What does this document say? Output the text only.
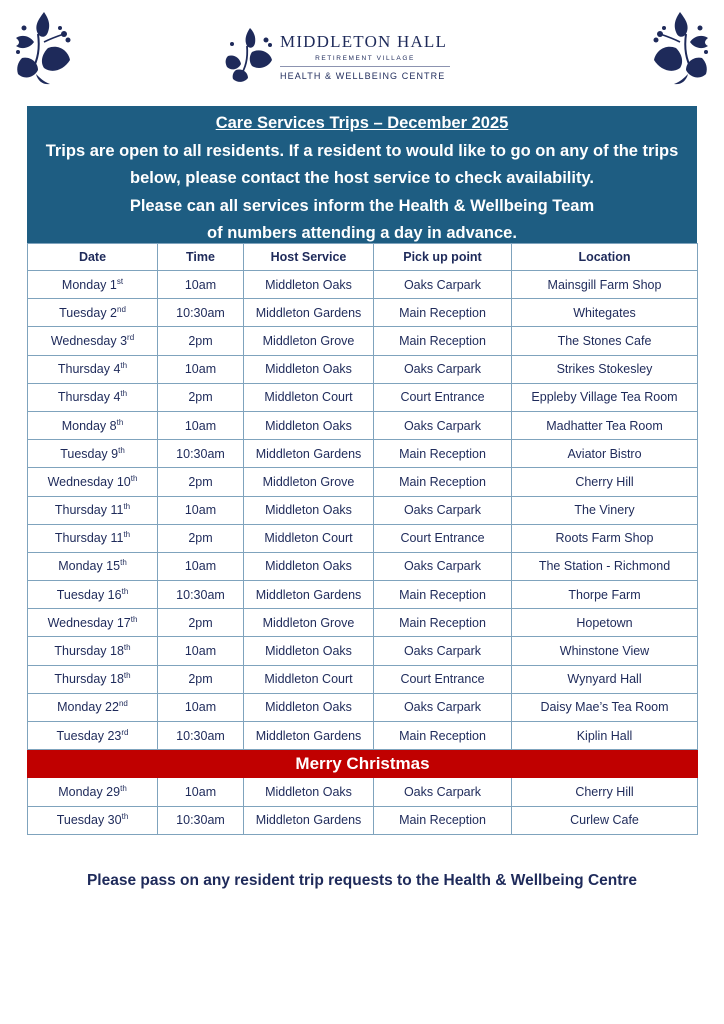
MIDDLETON HALL
RETIREMENT VILLAGE
HEALTH & WELLBEING CENTRE
Care Services Trips – December 2025
Trips are open to all residents. If a resident to would like to go on any of the trips
below, please contact the host service to check availability.
Please can all services inform the Health & Wellbeing Team
of numbers attending a day in advance.
Date	Time	Host Service	Pick up point	Location
Monday 1st	10am	Middleton Oaks	Oaks Carpark	Mainsgill Farm Shop
Tuesday 2nd	10:30am	Middleton Gardens	Main Reception	Whitegates
Wednesday 3rd	2pm	Middleton Grove	Main Reception	The Stones Cafe
Thursday 4th	10am	Middleton Oaks	Oaks Carpark	Strikes Stokesley
Thursday 4th	2pm	Middleton Court	Court Entrance	Eppleby Village Tea Room
Monday 8th	10am	Middleton Oaks	Oaks Carpark	Madhatter Tea Room
Tuesday 9th	10:30am	Middleton Gardens	Main Reception	Aviator Bistro
Wednesday 10th	2pm	Middleton Grove	Main Reception	Cherry Hill
Thursday 11th	10am	Middleton Oaks	Oaks Carpark	The Vinery
Thursday 11th	2pm	Middleton Court	Court Entrance	Roots Farm Shop
Monday 15th	10am	Middleton Oaks	Oaks Carpark	The Station - Richmond
Tuesday 16th	10:30am	Middleton Gardens	Main Reception	Thorpe Farm
Wednesday 17th	2pm	Middleton Grove	Main Reception	Hopetown
Thursday 18th	10am	Middleton Oaks	Oaks Carpark	Whinstone View
Thursday 18th	2pm	Middleton Court	Court Entrance	Wynyard Hall
Monday 22nd	10am	Middleton Oaks	Oaks Carpark	Daisy Mae’s Tea Room
Tuesday 23rd	10:30am	Middleton Gardens	Main Reception	Kiplin Hall
Merry Christmas				
Monday 29th	10am	Middleton Oaks	Oaks Carpark	Cherry Hill
Tuesday 30th	10:30am	Middleton Gardens	Main Reception	Curlew Cafe
Please pass on any resident trip requests to the Health & Wellbeing Centre
